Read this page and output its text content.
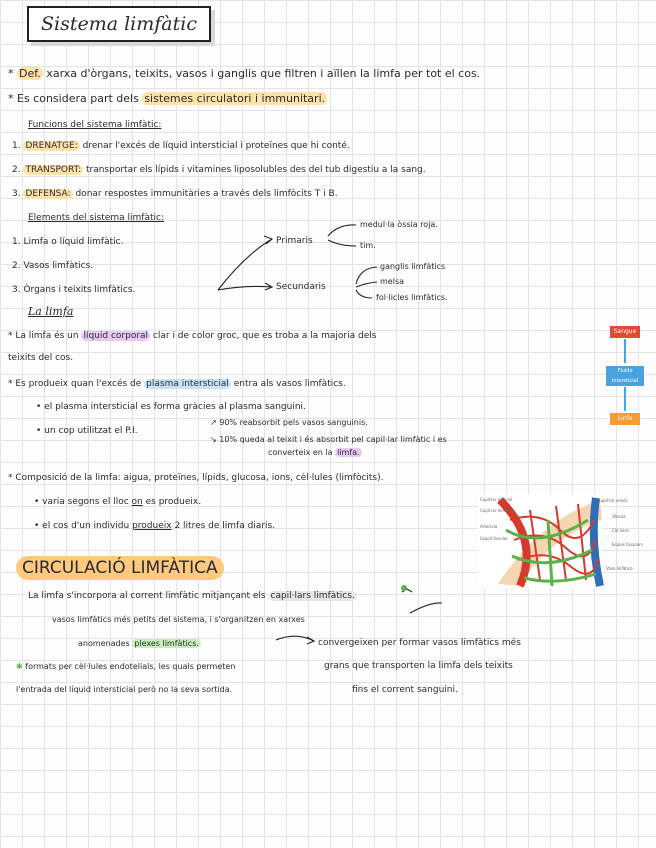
Sistema limfàtic
* Def. xarxa d'òrgans, teixits, vasos i ganglis que filtren i aïllen la limfa per tot el cos.
* Es considera part dels sistemes circulatori i immunitari.
Funcions del sistema limfàtic:
1. DRENATGE: drenar l'excés de líquid intersticial i proteïnes que hi conté.
2. TRANSPORT: transportar els lípids i vitamines liposolubles des del tub digestiu a la sang.
3. DEFENSA: donar respostes immunitàries a través dels limfòcits T i B.
Elements del sistema limfàtic:
1. Limfa o líquid limfàtic.
2. Vasos limfàtics.
3. Òrgans i teixits limfàtics.
Primaris
medul·la òssia roja.
tim.
Secundaris
ganglis limfàtics
melsa
fol·licles limfàtics.
La limfa
* La limfa és un líquid corporal clar i de color groc, que es troba a la majoria dels
teixits del cos.
* Es produeix quan l'excés de plasma intersticial entra als vasos limfàtics.
• el plasma intersticial es forma gràcies al plasma sanguini.
• un cop utilitzat el P.I.
↗ 90% reabsorbit pels vasos sanguinis.
↘ 10% queda al teixit i és absorbit pel capil·lar limfàtic i es
converteix en la limfa.
Sangue
Fluido intersticial
Linfa
* Composició de la limfa: aigua, proteïnes, lípids, glucosa, ions, cèl·lules (limfòcits).
• varia segons el lloc on es produeix.
• el cos d'un individu produeix 2 litres de limfa diaris.
Capil·lar arterial
Capil·lar limfàtic
Arteriola
Líquid tissular
Capil·lar venós
Vénula
Cèl·lules
Espais tissulars
Vaso linfàtico
CIRCULACIÓ LIMFÀTICA
La limfa s'incorpora al corrent limfàtic mitjançant els capil·lars limfàtics.
vasos limfàtics més petits del sistema, i s'organitzen en xarxes
anomenades plexes limfàtics.	convergeixen per formar vasos limfàtics més
✱ formats per cèl·lules endotelials, les quals permeten	grans que transporten la limfa dels teixits
l'entrada del líquid intersticial però no la seva sortida.	fins el corrent sanguini.
